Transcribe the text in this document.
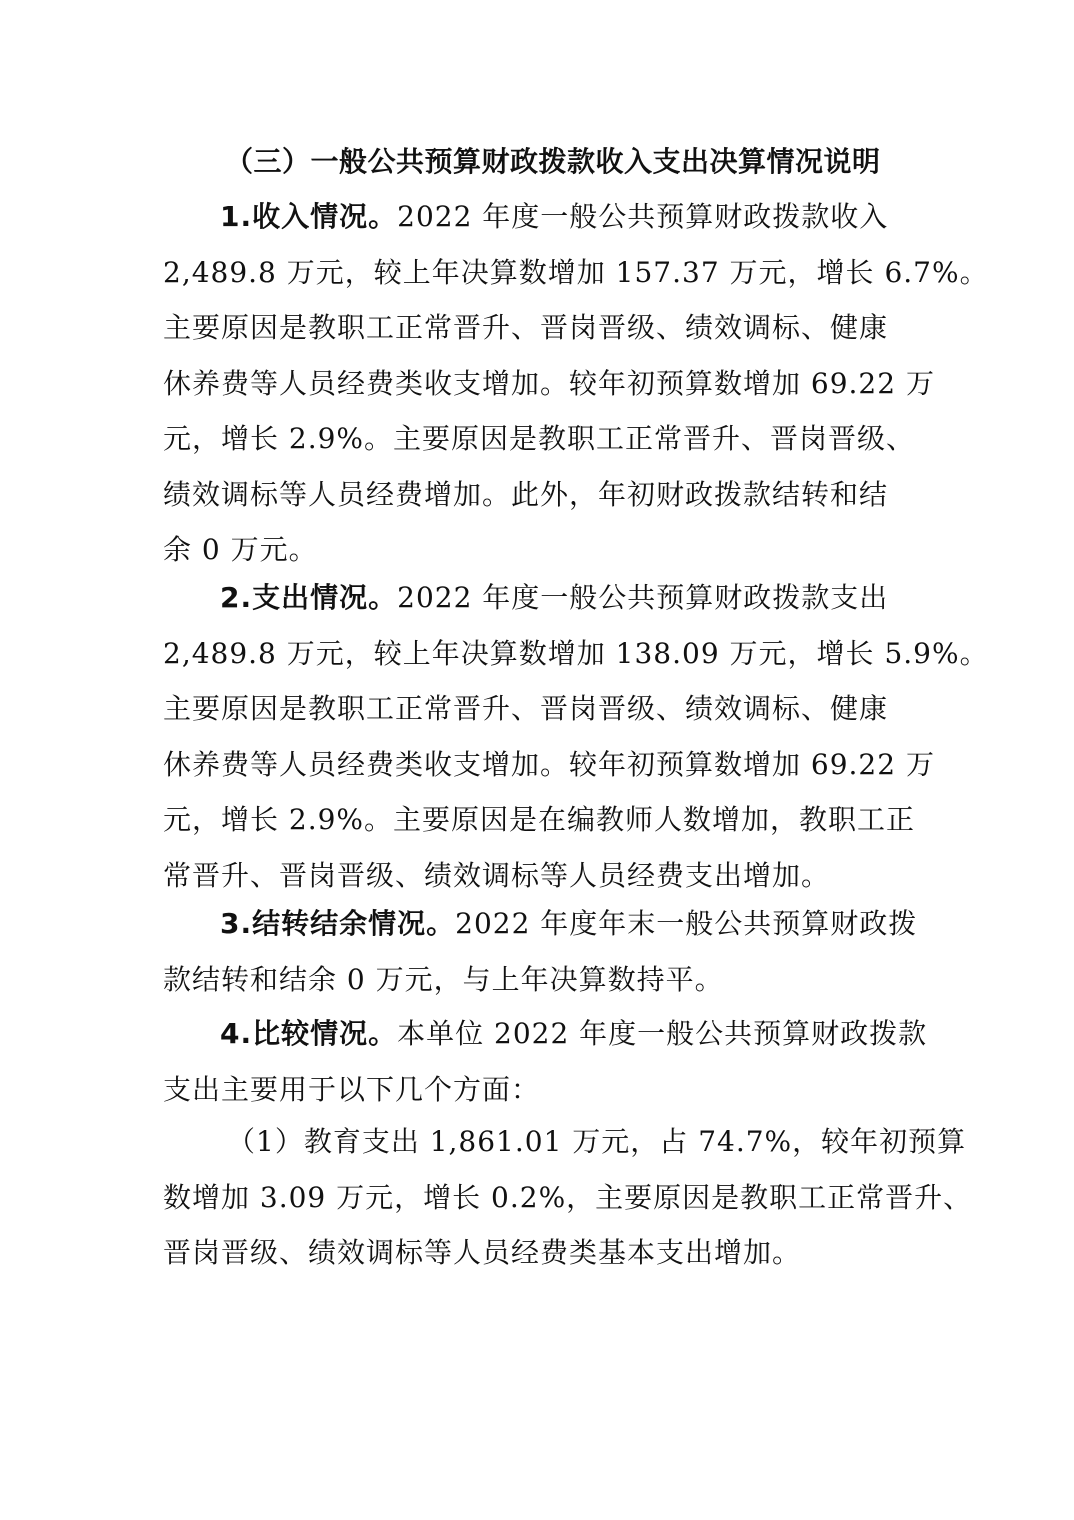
（三）一般公共预算财政拨款收入支出决算情况说明
1.收入情况。2022 年度一般公共预算财政拨款收入
2,489.8 万元，较上年决算数增加 157.37 万元，增长 6.7%。
主要原因是教职工正常晋升、晋岗晋级、绩效调标、健康
休养费等人员经费类收支增加。较年初预算数增加 69.22 万
元，增长 2.9%。主要原因是教职工正常晋升、晋岗晋级、
绩效调标等人员经费增加。此外，年初财政拨款结转和结
余 0 万元。
2.支出情况。2022 年度一般公共预算财政拨款支出
2,489.8 万元，较上年决算数增加 138.09 万元，增长 5.9%。
主要原因是教职工正常晋升、晋岗晋级、绩效调标、健康
休养费等人员经费类收支增加。较年初预算数增加 69.22 万
元，增长 2.9%。主要原因是在编教师人数增加，教职工正
常晋升、晋岗晋级、绩效调标等人员经费支出增加。
3.结转结余情况。2022 年度年末一般公共预算财政拨
款结转和结余 0 万元，与上年决算数持平。
4.比较情况。本单位 2022 年度一般公共预算财政拨款
支出主要用于以下几个方面：
（1）教育支出 1,861.01 万元，占 74.7%，较年初预算
数增加 3.09 万元，增长 0.2%，主要原因是教职工正常晋升、
晋岗晋级、绩效调标等人员经费类基本支出增加。
